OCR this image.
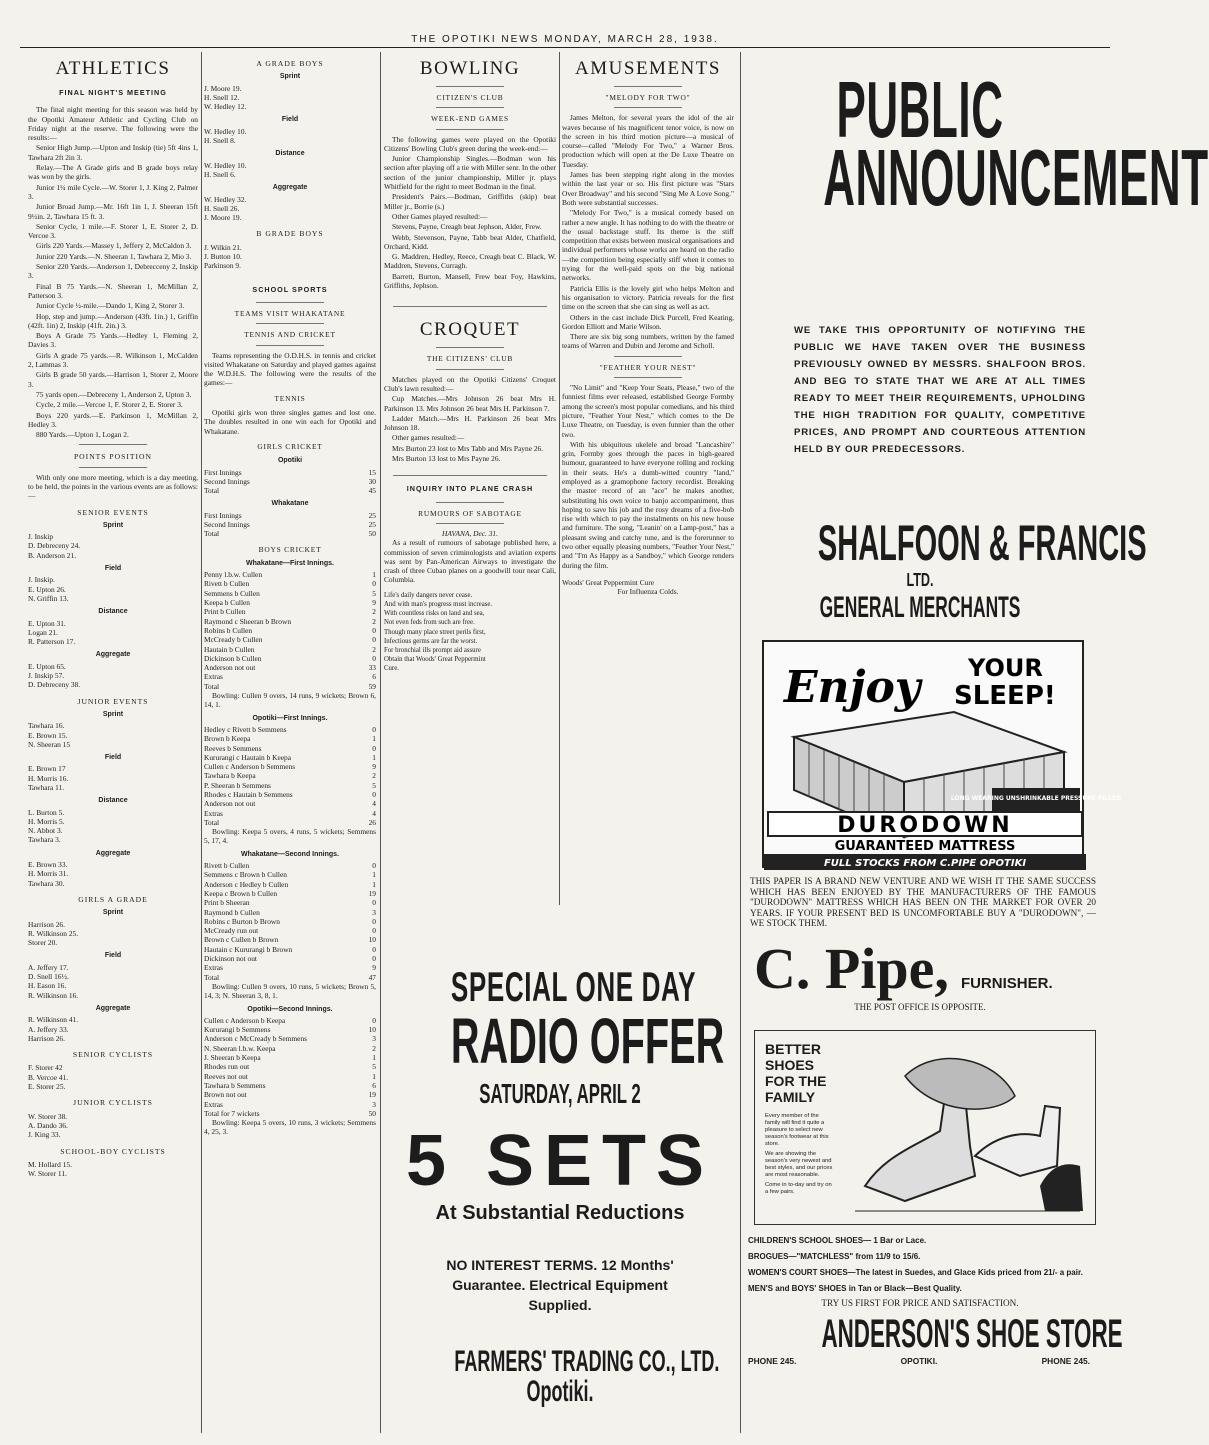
THE OPOTIKI NEWS MONDAY, MARCH 28, 1938.
ATHLETICS
FINAL NIGHT'S MEETING
The final night meeting for this season was held by the Opotiki Amateur Athletic and Cycling Club on Friday night at the reserve. The following were the results:—
Senior High Jump.—Upton and Inskip (tie) 5ft 4ins 1, Tawhara 2ft 2in 3.
Relay.—The A Grade girls and B grade boys relay was won by the girls.
Junior 1¼ mile Cycle.—W. Storer 1, J. King 2, Palmer 3.
Junior Broad Jump.—Mr. 16ft 1in 1, J. Sheeran 15ft 9½in. 2, Tawhara 15 ft. 3.
Senior Cycle, 1 mile.—F. Storer 1, E. Storer 2, D. Vercoe 3.
Girls 220 Yards.—Massey 1, Jeffery 2, McCaldon 3.
Junior 220 Yards.—N. Sheeran 1, Tawhara 2, Mio 3.
Senior 220 Yards.—Anderson 1, Debrecceny 2, Inskip 3.
Final B 75 Yards.—N. Sheeran 1, McMillan 2, Patterson 3.
Junior Cycle ½-mile.—Dando 1, King 2, Storer 3.
Hop, step and jump.—Anderson (43ft. 1in.) 1, Griffin (42ft. 1in) 2, Inskip (41ft. 2in.) 3.
Boys A Grade 75 Yards.—Hedley 1, Fleming 2, Davies 3.
Girls A grade 75 yards.—R. Wilkinson 1, McCalden 2, Lammas 3.
Girls B grade 50 yards.—Harrison 1, Storer 2, Moore 3.
75 yards open.—Debreceny 1, Anderson 2, Upton 3.
Cycle, 2 mile.—Vercoe 1, F. Storer 2, E. Storer 3.
Boys 220 yards.—E. Parkinson 1, McMillan 2, Hedley 3.
880 Yards.—Upton 1, Logan 2.
POINTS POSITION
With only one more meeting, which is a day meeting, to be held, the points in the various events are as follows:—
SENIOR EVENTS
Sprint
J. Inskip
D. Debreceny 24.
B. Anderson 21.
Field
J. Inskip.
E. Upton 26.
N. Griffin 13.
Distance
E. Upton 31.
Logan 21.
R. Patterson 17.
Aggregate
E. Upton 65.
J. Inskip 57.
D. Debreceny 38.
JUNIOR EVENTS
Sprint
Tawhara 16.
E. Brown 15.
N. Sheeran 15
Field
E. Brown 17
H. Morris 16.
Tawhara 11.
Distance
L. Burton 5.
H. Morris 5.
N. Abbot 3.
Tawhara 3.
Aggregate
E. Brown 33.
H. Morris 31.
Tawhara 30.
GIRLS A GRADE
Sprint
Harrison 26.
R. Wilkinson 25.
Storer 20.
Field
A. Jeffery 17.
D. Snell 16½.
H. Eason 16.
R. Wilkinson 16.
Aggregate
R. Wilkinson 41.
A. Jeffery 33.
Harrison 26.
SENIOR CYCLISTS
F. Storer 42
B. Vercoe 41.
E. Storer 25.
JUNIOR CYCLISTS
W. Storer 38.
A. Dando 36.
J. King 33.
SCHOOL-BOY CYCLISTS
M. Hollard 15.
W. Storer 11.
A GRADE BOYS
Sprint
J. Moore 19.
H. Snell 12.
W. Hedley 12.
Field
W. Hedley 10.
H. Snell 8.
Distance
W. Hedley 10.
H. Snell 6.
Aggregate
W. Hedley 32.
H. Snell 26.
J. Moore 19.
B GRADE BOYS
J. Wilkin 21.
J. Button 10.
Parkinson 9.
SCHOOL SPORTS
TEAMS VISIT WHAKATANE
TENNIS AND CRICKET
Teams representing the O.D.H.S. in tennis and cricket visited Whakatane on Saturday and played games against the W.D.H.S. The following were the results of the games:—
TENNIS
Opotiki girls won three singles games and lost one. The doubles resulted in one win each for Opotiki and Whakatane.
GIRLS CRICKET
Opotiki
First Innings	15
Second Innings	30
Total	45
Whakatane
First Innings	25
Second Innings	25
Total	50
BOYS CRICKET
Whakatane—First Innings.
Penny l.b.w. Cullen	1
Rivett b Cullen	0
Semmens b Cullen	5
Keepa b Cullen	9
Print b Cullen	2
Raymond c Sheeran b Brown	2
Robins b Cullen	0
McCready b Cullen	0
Hautain b Cullen	2
Dickinson b Cullen	0
Anderson not out	33
Extras	6
Total	59
Bowling: Cullen 9 overs, 14 runs, 9 wickets; Brown 6, 14, 1.
Opotiki—First Innings.
Hedley c Rivett b Semmens	0
Brown b Keepa	1
Reeves b Semmens	0
Kururangi c Hautain b Keepa	1
Cullen c Anderson b Semmens	9
Tawhara b Keepa	2
P. Sheeran b Semmens	5
Rhodes c Hautain b Semmens	0
Anderson not out	4
Extras	4
Total	26
Bowling: Keepa 5 overs, 4 runs, 5 wickets; Semmens 5, 17, 4.
Whakatane—Second Innings.
Rivett b Cullen	0
Semmens c Brown b Cullen	1
Anderson c Hedley b Cullen	1
Keepa c Brown b Cullen	19
Print b Sheeran	0
Raymond b Cullen	3
Robins c Burton b Brown	0
McCready run out	0
Brown c Cullen b Brown	10
Hautain c Kururangi b Brown	0
Dickinson not out	0
Extras	9
Total	47
Bowling: Cullen 9 overs, 10 runs, 5 wickets; Brown 5, 14, 3; N. Sheeran 3, 8, 1.
Opotiki—Second Innings.
Cullen c Anderson b Keepa	0
Kururangi b Semmens	10
Anderson c McCready b Semmens	3
N. Sheeran l.b.w. Keepa	2
J. Sheeran b Keepa	1
Rhodes run out	5
Reeves not out	1
Tawhara b Semmens	6
Brown not out	19
Extras	3
Total for 7 wickets	50
Bowling: Keepa 5 overs, 10 runs, 3 wickets; Semmens 4, 25, 3.
BOWLING
CITIZEN'S CLUB
WEEK-END GAMES
The following games were played on the Opotiki Citizens' Bowling Club's green during the week-end:—
Junior Championship Singles.—Bodman won his section after playing off a tie with Miller senr. In the other section of the junior championship, Miller jr. plays Whitfield for the right to meet Bodman in the final.
President's Pairs.—Bodman, Griffiths (skip) beat Miller jr., Borrie (s.)
Other Games played resulted:—
Stevens, Payne, Creagh beat Jephson, Alder, Frew.
Webb, Stevenson, Payne, Tabb beat Alder, Chatfield, Orchard, Kidd.
G. Maddren, Hedley, Reece, Creagh beat C. Black, W. Maddren, Stevens, Curragh.
Barrett, Burton, Mansell, Frew beat Foy, Hawkins, Griffiths, Jephson.
CROQUET
THE CITIZENS' CLUB
Matches played on the Opotiki Citizens' Croquet Club's lawn resulted:—
Cup Matches.—Mrs Johnson 26 beat Mrs H. Parkinson 13. Mrs Johnson 26 beat Mrs H. Parkinson 7.
Ladder Match.—Mrs H. Parkinson 26 beat Mrs Johnson 18.
Other games resulted:—
Mrs Burton 23 lost to Mrs Tabb and Mrs Payne 26.
Mrs Burton 13 lost to Mrs Payne 26.
INQUIRY INTO PLANE CRASH
RUMOURS OF SABOTAGE
HAVANA, Dec. 31.
As a result of rumours of sabotage published here, a commission of seven criminologists and aviation experts was sent by Pan-American Airways to investigate the crash of three Cuban planes on a goodwill tour near Cali, Columbia.
Life's daily dangers never cease.
And with man's progress must increase.
With countless risks on land and sea,
Not even feds from such are free.
Though many place street perils first,
Infectious germs are far the worst.
For bronchial ills prompt aid assure
Obtain that Woods' Great Peppermint
Cure.
AMUSEMENTS
"MELODY FOR TWO"
James Melton, for several years the idol of the air waves because of his magnificent tenor voice, is now on the screen in his third motion picture—a musical of course—called "Melody For Two," a Warner Bros. production which will open at the De Luxe Theatre on Tuesday.
James has been stepping right along in the movies within the last year or so. His first picture was "Stars Over Broadway" and his second "Sing Me A Love Song." Both were substantial successes.
"Melody For Two," is a musical comedy based on rather a new angle. It has nothing to do with the theatre or the usual backstage stuff. Its theme is the stiff competition that exists between musical organisations and individual performers whose works are heard on the radio—the competition being especially stiff when it comes to trying for the well-paid spots on the big national networks.
Patricia Ellis is the lovely girl who helps Melton and his organisation to victory. Patricia reveals for the first time on the screen that she can sing as well as act.
Others in the cast include Dick Purcell, Fred Keating, Gordon Elliott and Marie Wilson.
There are six big song numbers, written by the famed teams of Warren and Dubin and Jerome and Scholl.
"FEATHER YOUR NEST"
"No Limit" and "Keep Your Seats, Please," two of the funniest films ever released, established George Formby among the screen's most popular comedians, and his third picture, "Feather Your Nest," which comes to the De Luxe Theatre, on Tuesday, is even funnier than the other two.
With his ubiquitous ukelele and broad "Lancashire" grin, Formby goes through the paces in high-geared humour, guaranteed to have everyone rolling and rocking in their seats. He's a dumb-witted country "land," employed as a gramophone factory recordist. Breaking the master record of an "ace" he makes another, substituting his own voice to banjo accompaniment, thus hoping to save his job and the rosy dreams of a five-bob rise with which to pay the instalments on his new house and furniture. The song, "Leanin' on a Lamp-post," has a pleasant swing and catchy tune, and is the forerunner to two other equally pleasing numbers, "Feather Your Nest," and "I'm As Happy as a Sandboy," which George renders during the film.
Woods' Great Peppermint Cure
For Influenza Colds.
SPECIAL ONE DAY
RADIO OFFER
SATURDAY, APRIL 2
5 SETS
At Substantial Reductions
NO INTEREST TERMS. 12 Months'
Guarantee. Electrical Equipment
Supplied.
FARMERS' TRADING CO., LTD.
Opotiki.
PUBLIC
ANNOUNCEMENT
WE TAKE THIS OPPORTUNITY OF NOTIFYING THE PUBLIC WE HAVE TAKEN OVER THE BUSINESS PREVIOUSLY OWNED BY MESSRS. SHALFOON BROS. AND BEG TO STATE THAT WE ARE AT ALL TIMES READY TO MEET THEIR REQUIREMENTS, UPHOLDING THE HIGH TRADITION FOR QUALITY, COMPETITIVE PRICES, AND PROMPT AND COURTEOUS ATTENTION HELD BY OUR PREDECESSORS.
SHALFOON & FRANCIS
LTD.
GENERAL MERCHANTS
Enjoy YOUR
SLEEP!
LONG WEARING UNSHRINKABLE PRESSURE FILLED
DURODOWN
GUARANTEED MATTRESS
FULL STOCKS FROM C.PIPE OPOTIKI
THIS PAPER IS A BRAND NEW VENTURE AND WE WISH IT THE SAME SUCCESS WHICH HAS BEEN ENJOYED BY THE MANUFACTURERS OF THE FAMOUS "DURODOWN" MATTRESS WHICH HAS BEEN ON THE MARKET FOR OVER 20 YEARS. IF YOUR PRESENT BED IS UNCOMFORTABLE BUY A "DURODOWN", — WE STOCK THEM.
C. Pipe, FURNISHER.
THE POST OFFICE IS OPPOSITE.
BETTER
SHOES
FOR THE
FAMILY
Every member of the family will find it quite a pleasure to select new season's footwear at this store.
We are showing the season's very newest and best styles, and our prices are most reasonable.
Come in to-day and try on a few pairs.
CHILDREN'S SCHOOL SHOES— 1 Bar or Lace.
BROGUES—"MATCHLESS" from 11/9 to 15/6.
WOMEN'S COURT SHOES—The latest in Suedes, and Glace Kids priced from 21/- a pair.
MEN'S and BOYS' SHOES in Tan or Black—Best Quality.
TRY US FIRST FOR PRICE AND SATISFACTION.
ANDERSON'S SHOE STORE
PHONE 245.	OPOTIKI.	PHONE 245.
